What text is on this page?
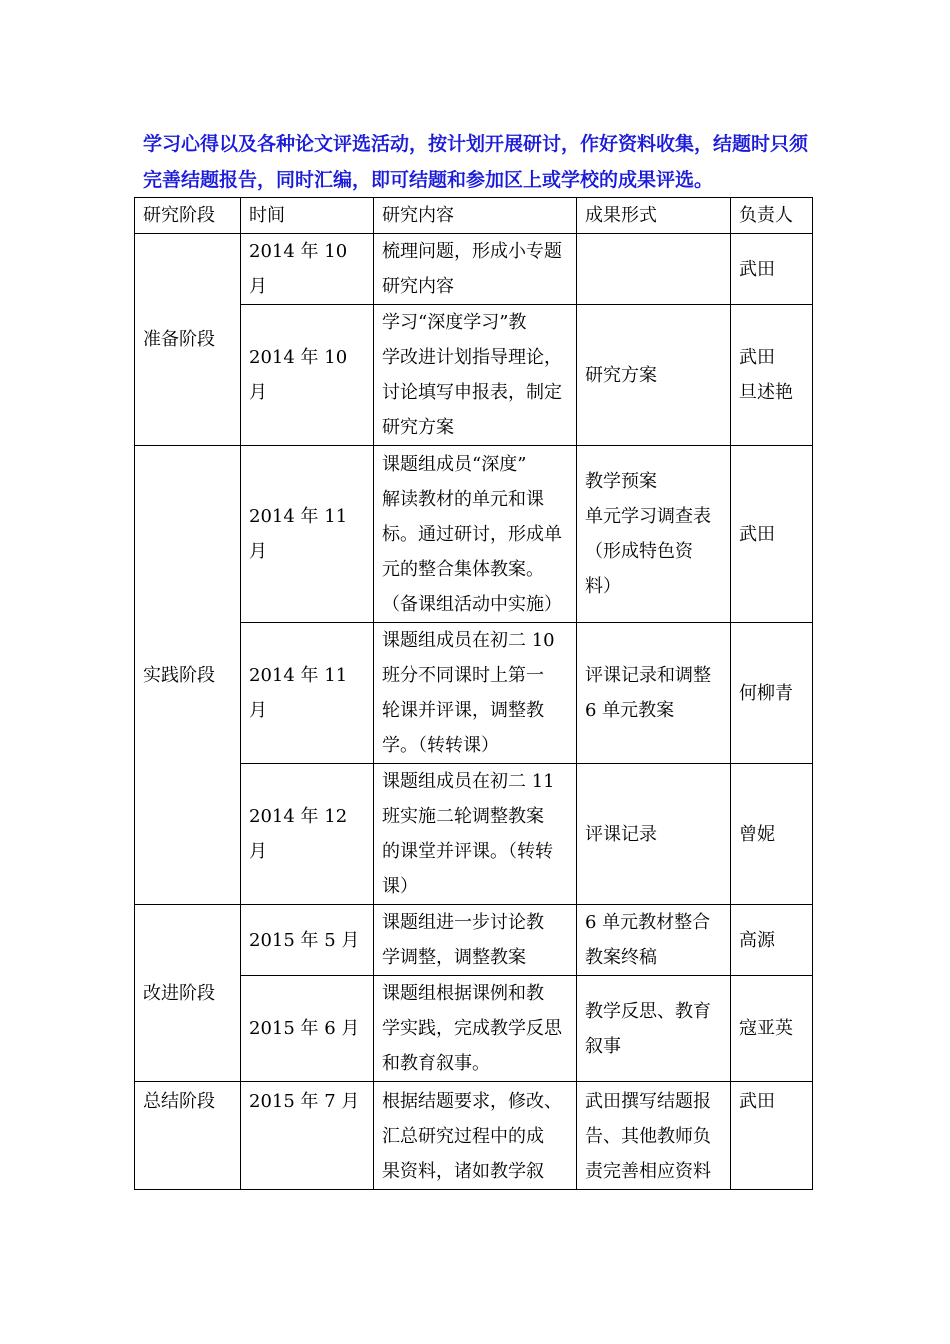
学习心得以及各种论文评选活动，按计划开展研讨，作好资料收集，结题时只须
完善结题报告，同时汇编，即可结题和参加区上或学校的成果评选。
研究阶段	时间	研究内容	成果形式	负责人
准备阶段	2014 年 10 月	梳理问题，形成小专题
研究内容		武田
	2014 年 10 月	学习“深度学习”教
学改进计划指导理论，
讨论填写申报表，制定
研究方案	研究方案	武田
旦述艳
实践阶段	2014 年 11 月	课题组成员“深度”
解读教材的单元和课
标。通过研讨，形成单
元的整合集体教案。
（备课组活动中实施）	教学预案
单元学习调查表
（形成特色资
料）	武田
	2014 年 11 月	课题组成员在初二 10
班分不同课时上第一
轮课并评课，调整教
学。（转转课）	评课记录和调整
6 单元教案	何柳青
	2014 年 12 月	课题组成员在初二 11
班实施二轮调整教案
的课堂并评课。（转转
课）	评课记录	曾妮
改进阶段	2015 年 5 月	课题组进一步讨论教
学调整，调整教案	6 单元教材整合
教案终稿	高源
	2015 年 6 月	课题组根据课例和教
学实践，完成教学反思
和教育叙事。	教学反思、教育
叙事	寇亚英
总结阶段	2015 年 7 月	根据结题要求，修改、
汇总研究过程中的成
果资料，诸如教学叙	武田撰写结题报
告、其他教师负
责完善相应资料	武田
